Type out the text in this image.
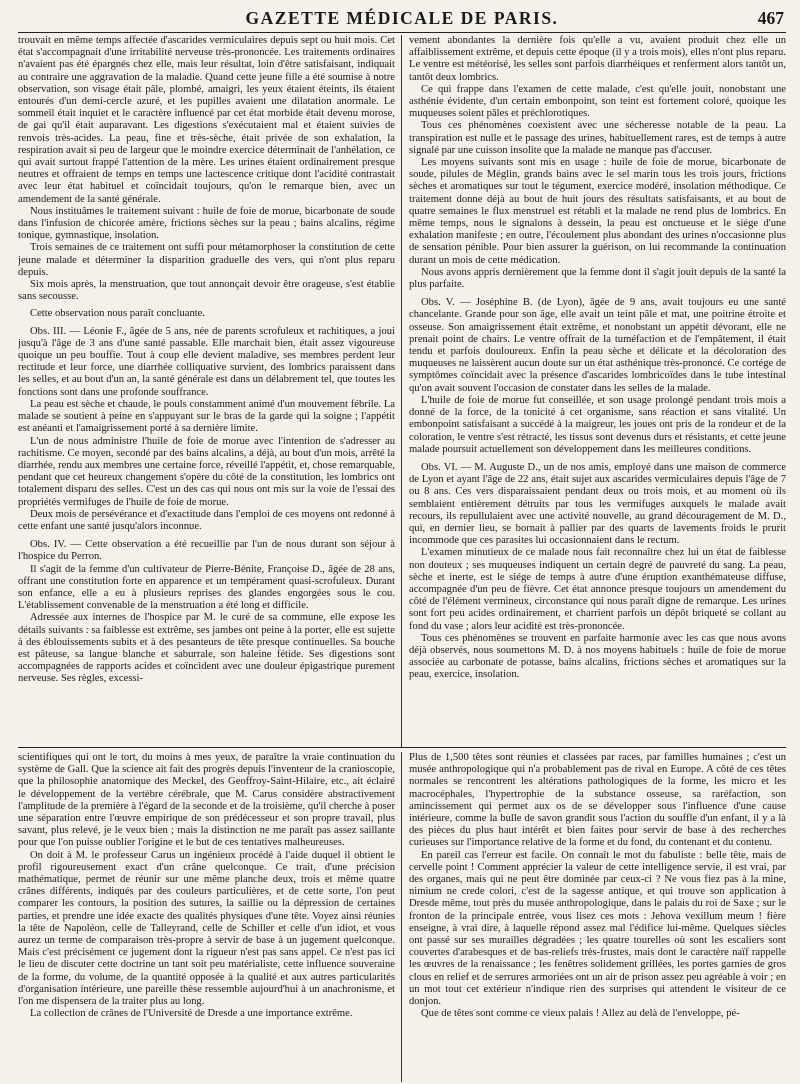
GAZETTE MÉDICALE DE PARIS.	467

trouvait en même temps affectée d'ascarides vermiculaires depuis sept ou huit mois. Cet état s'accompagnait d'une irritabilité nerveuse très-prononcée. Les traitements ordinaires n'avaient pas été épargnés chez elle, mais leur résultat, loin d'être satisfaisant, indiquait au contraire une aggravation de la maladie. Quand cette jeune fille a été soumise à notre observation, son visage était pâle, plombé, amaigri, les yeux étaient éteints, ils étaient entourés d'un demi-cercle azuré, et les pupilles avaient une dilatation anormale. Le sommeil était inquiet et le caractère influencé par cet état morbide était devenu morose, de gai qu'il était auparavant. Les digestions s'exécutaient mal et étaient suivies de renvois très-acides. La peau, fine et très-sèche, était privée de son exhalation, la respiration avait si peu de largeur que le moindre exercice déterminait de l'anhélation, ce qui avait surtout frappé l'attention de la mère. Les urines étaient ordinairement presque neutres et offraient de temps en temps une lactescence critique dont l'acidité contrastait avec leur état habituel et coïncidait toujours, qu'on le remarque bien, avec un amendement de la santé générale.

Nous instituâmes le traitement suivant : huile de foie de morue, bicarbonate de soude dans l'infusion de chicorée amère, frictions sèches sur la peau ; bains alcalins, régime tonique, gymnastique, insolation.

Trois semaines de ce traitement ont suffi pour métamorphoser la constitution de cette jeune malade et déterminer la disparition graduelle des vers, qui n'ont plus reparu depuis.

Six mois après, la menstruation, que tout annonçait devoir être orageuse, s'est établie sans secousse.

Cette observation nous paraît concluante.

Obs. III. — Léonie F., âgée de 5 ans, née de parents scrofuleux et rachitiques, a joui jusqu'à l'âge de 3 ans d'une santé passable. Elle marchait bien, était assez vigoureuse quoique un peu bouffie. Tout à coup elle devient maladive, ses membres perdent leur rectitude et leur force, une diarrhée colliquative survient, des lombrics paraissent dans les selles, et au bout d'un an, la santé générale est dans un délabrement tel, que toutes les fonctions sont dans une profonde souffrance.

La peau est sèche et chaude, le pouls constamment animé d'un mouvement fébrile. La malade se soutient à peine en s'appuyant sur le bras de la garde qui la soigne ; l'appétit est anéanti et l'amaigrissement porté à sa dernière limite.

L'un de nous administre l'huile de foie de morue avec l'intention de s'adresser au rachitisme. Ce moyen, secondé par des bains alcalins, a déjà, au bout d'un mois, arrêté la diarrhée, rendu aux membres une certaine force, réveillé l'appétit, et, chose remarquable, pendant que cet heureux changement s'opère du côté de la constitution, les lombrics ont totalement disparu des selles. C'est un des cas qui nous ont mis sur la voie de l'essai des propriétés vermifuges de l'huile de foie de morue.

Deux mois de persévérance et d'exactitude dans l'emploi de ces moyens ont redonné à cette enfant une santé jusqu'alors inconnue.

Obs. IV. — Cette observation a été recueillie par l'un de nous durant son séjour à l'hospice du Perron.

Il s'agit de la femme d'un cultivateur de Pierre-Bénite, Françoise D., âgée de 28 ans, offrant une constitution forte en apparence et un tempérament quasi-scrofuleux. Durant son enfance, elle a eu à plusieurs reprises des glandes engorgées sous le cou. L'établissement convenable de la menstruation a été long et difficile.

Adressée aux internes de l'hospice par M. le curé de sa commune, elle expose les détails suivants : sa faiblesse est extrême, ses jambes ont peine à la porter, elle est sujette à des éblouissements subits et à des pesanteurs de tête presque continuelles. Sa bouche est pâteuse, sa langue blanche et saburrale, son haleine fétide. Ses digestions sont accompagnées de rapports acides et coïncident avec une douleur épigastrique purement nerveuse. Ses règles, excessi-

vement abondantes la dernière fois qu'elle a vu, avaient produit chez elle un affaiblissement extrême, et depuis cette époque (il y a trois mois), elles n'ont plus reparu. Le ventre est météorisé, les selles sont parfois diarrhéiques et renferment alors tantôt un, tantôt deux lombrics.

Ce qui frappe dans l'examen de cette malade, c'est qu'elle jouit, nonobstant une asthénie évidente, d'un certain embonpoint, son teint est fortement coloré, quoique les muqueuses soient pâles et préchlorotiques.

Tous ces phénomènes coexistent avec une sécheresse notable de la peau. La transpiration est nulle et le passage des urines, habituellement rares, est de temps à autre signalé par une cuisson insolite que la malade ne manque pas d'accuser.

Les moyens suivants sont mis en usage : huile de foie de morue, bicarbonate de soude, pilules de Méglin, grands bains avec le sel marin tous les trois jours, frictions sèches et aromatiques sur tout le tégument, exercice modéré, insolation méthodique. Ce traitement donne déjà au bout de huit jours des résultats satisfaisants, et au bout de quatre semaines le flux menstruel est rétabli et la malade ne rend plus de lombrics. En même temps, nous le signalons à dessein, la peau est onctueuse et le siége d'une exhalation manifeste ; en outre, l'écoulement plus abondant des urines n'occasionne plus de sensation pénible. Pour bien assurer la guérison, on lui recommande la continuation durant un mois de cette médication.

Nous avons appris dernièrement que la femme dont il s'agit jouit depuis de la santé la plus parfaite.

Obs. V. — Joséphine B. (de Lyon), âgée de 9 ans, avait toujours eu une santé chancelante. Grande pour son âge, elle avait un teint pâle et mat, une poitrine étroite et osseuse. Son amaigrissement était extrême, et nonobstant un appétit dévorant, elle ne prenait point de chairs. Le ventre offrait de la tuméfaction et de l'empâtement, il était tendu et parfois douloureux. Enfin la peau sèche et délicate et la décoloration des muqueuses ne laissèrent aucun doute sur un état asthénique très-prononcé. Ce cortége de symptômes coïncidait avec la présence d'ascarides lombricoïdes dans le tube intestinal qu'on avait souvent l'occasion de constater dans les selles de la malade.

L'huile de foie de morue fut conseillée, et son usage prolongé pendant trois mois a donné de la force, de la tonicité à cet organisme, sans réaction et sans vitalité. Un embonpoint satisfaisant a succédé à la maigreur, les joues ont pris de la rondeur et de la coloration, le ventre s'est rétracté, les tissus sont devenus durs et résistants, et cette jeune malade poursuit actuellement son développement dans les meilleures conditions.

Obs. VI. — M. Auguste D., un de nos amis, employé dans une maison de commerce de Lyon et ayant l'âge de 22 ans, était sujet aux ascarides vermiculaires depuis l'âge de 7 ou 8 ans. Ces vers disparaissaient pendant deux ou trois mois, et au moment où ils semblaient entièrement détruits par tous les vermifuges auxquels le malade avait recours, ils repullulaient avec une activité nouvelle, au grand découragement de M. D., qui, en dernier lieu, se bornait à pallier par des quarts de lavements froids le prurit incommode que ces parasites lui occasionnaient dans le rectum.

L'examen minutieux de ce malade nous fait reconnaître chez lui un état de faiblesse non douteux ; ses muqueuses indiquent un certain degré de pauvreté du sang. La peau, sèche et inerte, est le siége de temps à autre d'une éruption exanthémateuse diffuse, accompagnée d'un peu de fièvre. Cet état annonce presque toujours un amendement du côté de l'élément vermineux, circonstance qui nous paraît digne de remarque. Les urines sont fort peu acides ordinairement, et charrient parfois un dépôt briqueté se collant au fond du vase ; alors leur acidité est très-prononcée.

Tous ces phénomènes se trouvent en parfaite harmonie avec les cas que nous avons déjà observés, nous soumettons M. D. à nos moyens habituels : huile de foie de morue associée au carbonate de potasse, bains alcalins, frictions sèches et aromatiques sur la peau, exercice, insolation.

scientifiques qui ont le tort, du moins à mes yeux, de paraître la vraie continuation du système de Gall. Que la science ait fait des progrès depuis l'inventeur de la cranioscopie, que la philosophie anatomique des Meckel, des Geoffroy-Saint-Hilaire, etc., ait éclairé le développement de la vertèbre cérébrale, que M. Carus considère abstractivement l'amplitude de la première à l'égard de la seconde et de la troisième, qu'il cherche à poser une séparation entre l'œuvre empirique de son prédécesseur et son propre travail, plus savant, plus relevé, je le veux bien ; mais la distinction ne me paraît pas assez saillante pour que l'on puisse oublier l'origine et le but de ces tentatives malheureuses.

On doit à M. le professeur Carus un ingénieux procédé à l'aide duquel il obtient le profil rigoureusement exact d'un crâne quelconque. Ce trait, d'une précision mathématique, permet de réunir sur une même planche deux, trois et même quatre crânes différents, indiqués par des couleurs particulières, et de cette sorte, l'on peut comparer les contours, la position des sutures, la saillie ou la dépression de certaines parties, et prendre une idée exacte des qualités physiques d'une tête. Voyez ainsi réunies la tête de Napoléon, celle de Talleyrand, celle de Schiller et celle d'un idiot, et vous aurez un terme de comparaison très-propre à servir de base à un jugement quelconque. Mais c'est précisément ce jugement dont la rigueur n'est pas sans appel. Ce n'est pas ici le lieu de discuter cette doctrine un tant soit peu matérialiste, cette influence souveraine de la forme, du volume, de la quantité opposée à la qualité et aux autres particularités d'organisation intérieure, une pareille thèse ressemble aujourd'hui à un anachronisme, et l'on me dispensera de la traiter plus au long.

La collection de crânes de l'Université de Dresde a une importance extrême.

Plus de 1,500 têtes sont réunies et classées par races, par familles humaines ; c'est un musée anthropologique qui n'a probablement pas de rival en Europe. A côté de ces têtes normales se rencontrent les altérations pathologiques de la forme, les micro et les macrocéphales, l'hypertrophie de la substance osseuse, sa raréfaction, son amincissement qui permet aux os de se développer sous l'influence d'une cause intérieure, comme la bulle de savon grandit sous l'action du souffle d'un enfant, il y a là des pièces du plus haut intérêt et bien faites pour servir de base à des recherches curieuses sur l'importance relative de la forme et du fond, du contenant et du contenu.

En pareil cas l'erreur est facile. On connaît le mot du fabuliste : belle tête, mais de cervelle point ! Comment apprécier la valeur de cette intelligence servie, il est vrai, par des organes, mais qui ne peut être dominée par ceux-ci ? Ne vous fiez pas à la mine, nimium ne crede colori, c'est de la sagesse antique, et qui trouve son application à Dresde même, tout près du musée anthropologique, dans le palais du roi de Saxe ; sur le fronton de la principale entrée, vous lisez ces mots : Jehova vexillum meum ! fière enseigne, à vrai dire, à laquelle répond assez mal l'édifice lui-même. Quelques siècles ont passé sur ses murailles dégradées ; les quatre tourelles où sont les escaliers sont couvertes d'arabesques et de bas-reliefs très-frustes, mais dont le caractère naïf rappelle les œuvres de la renaissance ; les fenêtres solidement grillées, les portes garnies de gros clous en relief et de serrures armoriées ont un air de prison assez peu agréable à voir ; en un mot tout cet extérieur n'indique rien des surprises qui attendent le visiteur de ce donjon.

Que de têtes sont comme ce vieux palais ! Allez au delà de l'enveloppe, pé-
